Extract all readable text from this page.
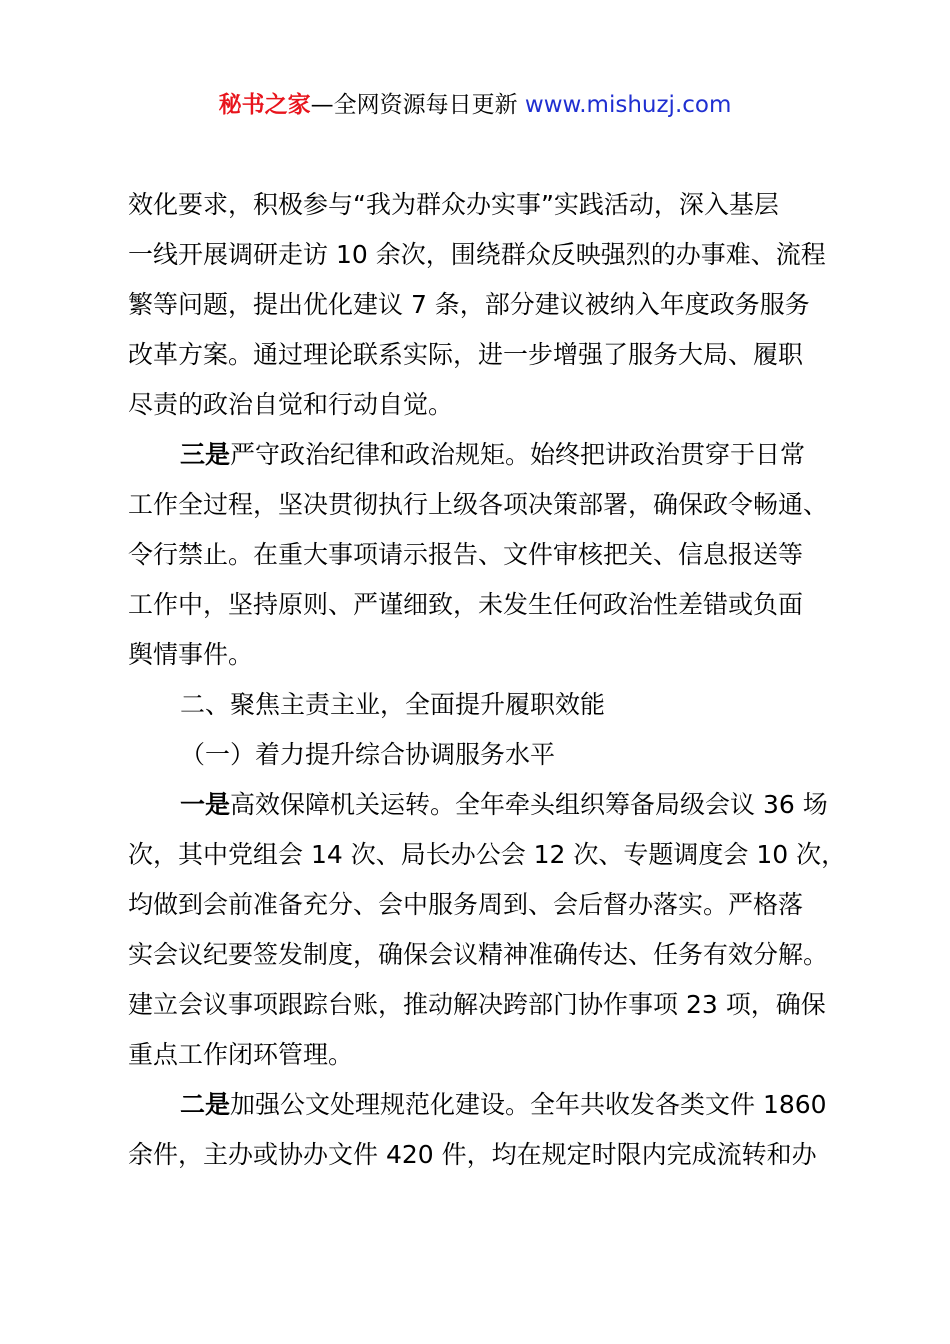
秘书之家—全网资源每日更新 www.mishuzj.com
效化要求，积极参与“我为群众办实事”实践活动，深入基层
一线开展调研走访 10 余次，围绕群众反映强烈的办事难、流程
繁等问题，提出优化建议 7 条，部分建议被纳入年度政务服务
改革方案。通过理论联系实际，进一步增强了服务大局、履职
尽责的政治自觉和行动自觉。
三是严守政治纪律和政治规矩。始终把讲政治贯穿于日常
工作全过程，坚决贯彻执行上级各项决策部署，确保政令畅通、
令行禁止。在重大事项请示报告、文件审核把关、信息报送等
工作中，坚持原则、严谨细致，未发生任何政治性差错或负面
舆情事件。
二、聚焦主责主业，全面提升履职效能
（一）着力提升综合协调服务水平
一是高效保障机关运转。全年牵头组织筹备局级会议 36 场
次，其中党组会 14 次、局长办公会 12 次、专题调度会 10 次，
均做到会前准备充分、会中服务周到、会后督办落实。严格落
实会议纪要签发制度，确保会议精神准确传达、任务有效分解。
建立会议事项跟踪台账，推动解决跨部门协作事项 23 项，确保
重点工作闭环管理。
二是加强公文处理规范化建设。全年共收发各类文件 1860
余件，主办或协办文件 420 件，均在规定时限内完成流转和办
